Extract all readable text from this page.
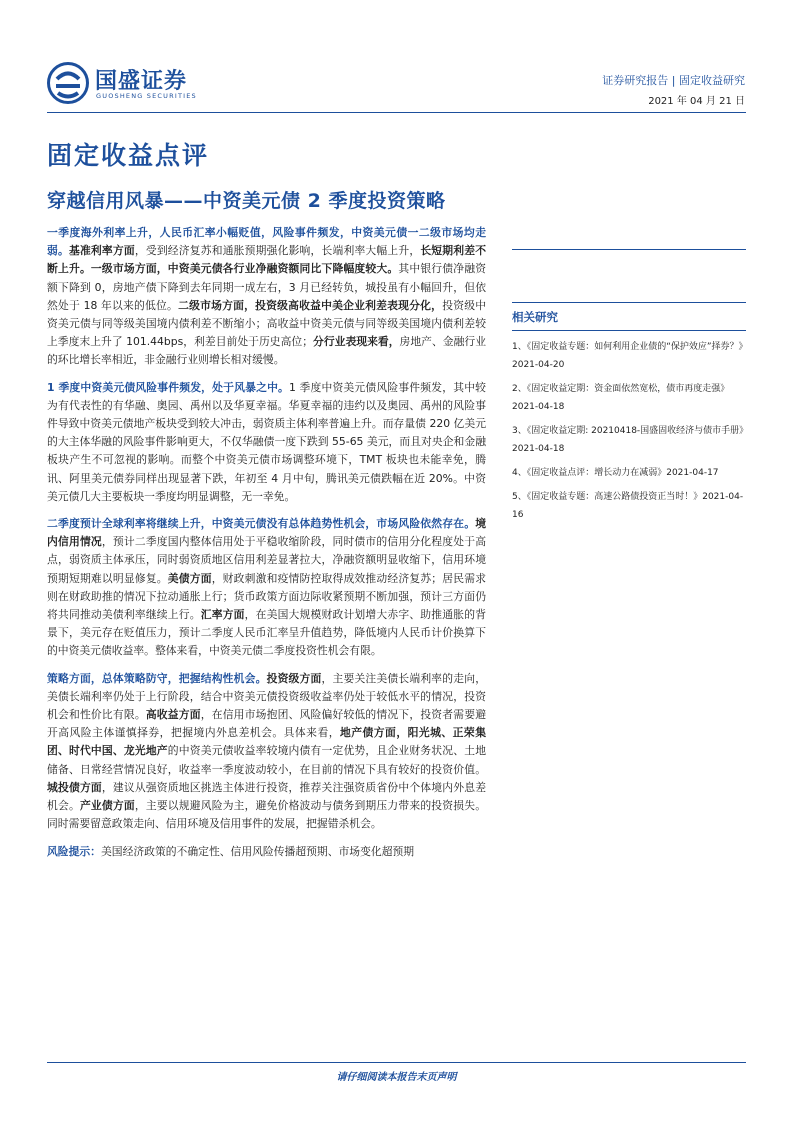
国盛证券
GUOSHENG SECURITIES
证券研究报告 | 固定收益研究
2021 年 04 月 21 日
固定收益点评
穿越信用风暴——中资美元债 2 季度投资策略

一季度海外利率上升，人民币汇率小幅贬值，风险事件频发，中资美元债一二级市场均走弱。基准利率方面，受到经济复苏和通胀预期强化影响，长端利率大幅上升，长短期利差不断上升。一级市场方面，中资美元债各行业净融资额同比下降幅度较大。其中银行债净融资额下降到 0，房地产债下降到去年同期一成左右，3 月已经转负，城投虽有小幅回升，但依然处于 18 年以来的低位。二级市场方面，投资级高收益中美企业利差表现分化，投资级中资美元债与同等级美国境内债利差不断缩小；高收益中资美元债与同等级美国境内债利差较上季度末上升了 101.44bps，利差目前处于历史高位；分行业表现来看，房地产、金融行业的环比增长率相近，非金融行业则增长相对缓慢。

1 季度中资美元债风险事件频发，处于风暴之中。1 季度中资美元债风险事件频发，其中较为有代表性的有华融、奥园、禹州以及华夏幸福。华夏幸福的违约以及奥园、禹州的风险事件导致中资美元债地产板块受到较大冲击，弱资质主体利率普遍上升。而存量债 220 亿美元的大主体华融的风险事件影响更大，不仅华融债一度下跌到 55-65 美元，而且对央企和金融板块产生不可忽视的影响。而整个中资美元债市场调整环境下，TMT 板块也未能幸免，腾讯、阿里美元债券同样出现显著下跌，年初至 4 月中旬，腾讯美元债跌幅在近 20%。中资美元债几大主要板块一季度均明显调整，无一幸免。

二季度预计全球利率将继续上升，中资美元债没有总体趋势性机会，市场风险依然存在。境内信用情况，预计二季度国内整体信用处于平稳收缩阶段，同时债市的信用分化程度处于高点，弱资质主体承压，同时弱资质地区信用利差显著拉大，净融资额明显收缩下，信用环境预期短期难以明显修复。美债方面，财政刺激和疫情防控取得成效推动经济复苏；居民需求则在财政助推的情况下拉动通胀上行；货币政策方面边际收紧预期不断加强，预计三方面仍将共同推动美债利率继续上行。汇率方面，在美国大规模财政计划增大赤字、助推通胀的背景下，美元存在贬值压力，预计二季度人民币汇率呈升值趋势，降低境内人民币计价换算下的中资美元债收益率。整体来看，中资美元债二季度投资性机会有限。

策略方面，总体策略防守，把握结构性机会。投资级方面，主要关注美债长端利率的走向，美债长端利率仍处于上行阶段，结合中资美元债投资级收益率仍处于较低水平的情况，投资机会和性价比有限。高收益方面，在信用市场抱团、风险偏好较低的情况下，投资者需要避开高风险主体谨慎择券，把握境内外息差机会。具体来看，地产债方面，阳光城、正荣集团、时代中国、龙光地产的中资美元债收益率较境内债有一定优势，且企业财务状况、土地储备、日常经营情况良好，收益率一季度波动较小，在目前的情况下具有较好的投资价值。城投债方面，建议从强资质地区挑选主体进行投资，推荐关注强资质省份中个体境内外息差机会。产业债方面，主要以规避风险为主，避免价格波动与债务到期压力带来的投资损失。同时需要留意政策走向、信用环境及信用事件的发展，把握错杀机会。

风险提示：美国经济政策的不确定性、信用风险传播超预期、市场变化超预期

相关研究
1、《固定收益专题：如何利用企业债的“保护效应”择券？》2021-04-20
2、《固定收益定期：资金面依然宽松，债市再度走强》2021-04-18
3、《固定收益定期: 20210418-国盛固收经济与债市手册》2021-04-18
4、《固定收益点评：增长动力在减弱》2021-04-17
5、《固定收益专题：高速公路债投资正当时！》2021-04-16
请仔细阅读本报告末页声明
